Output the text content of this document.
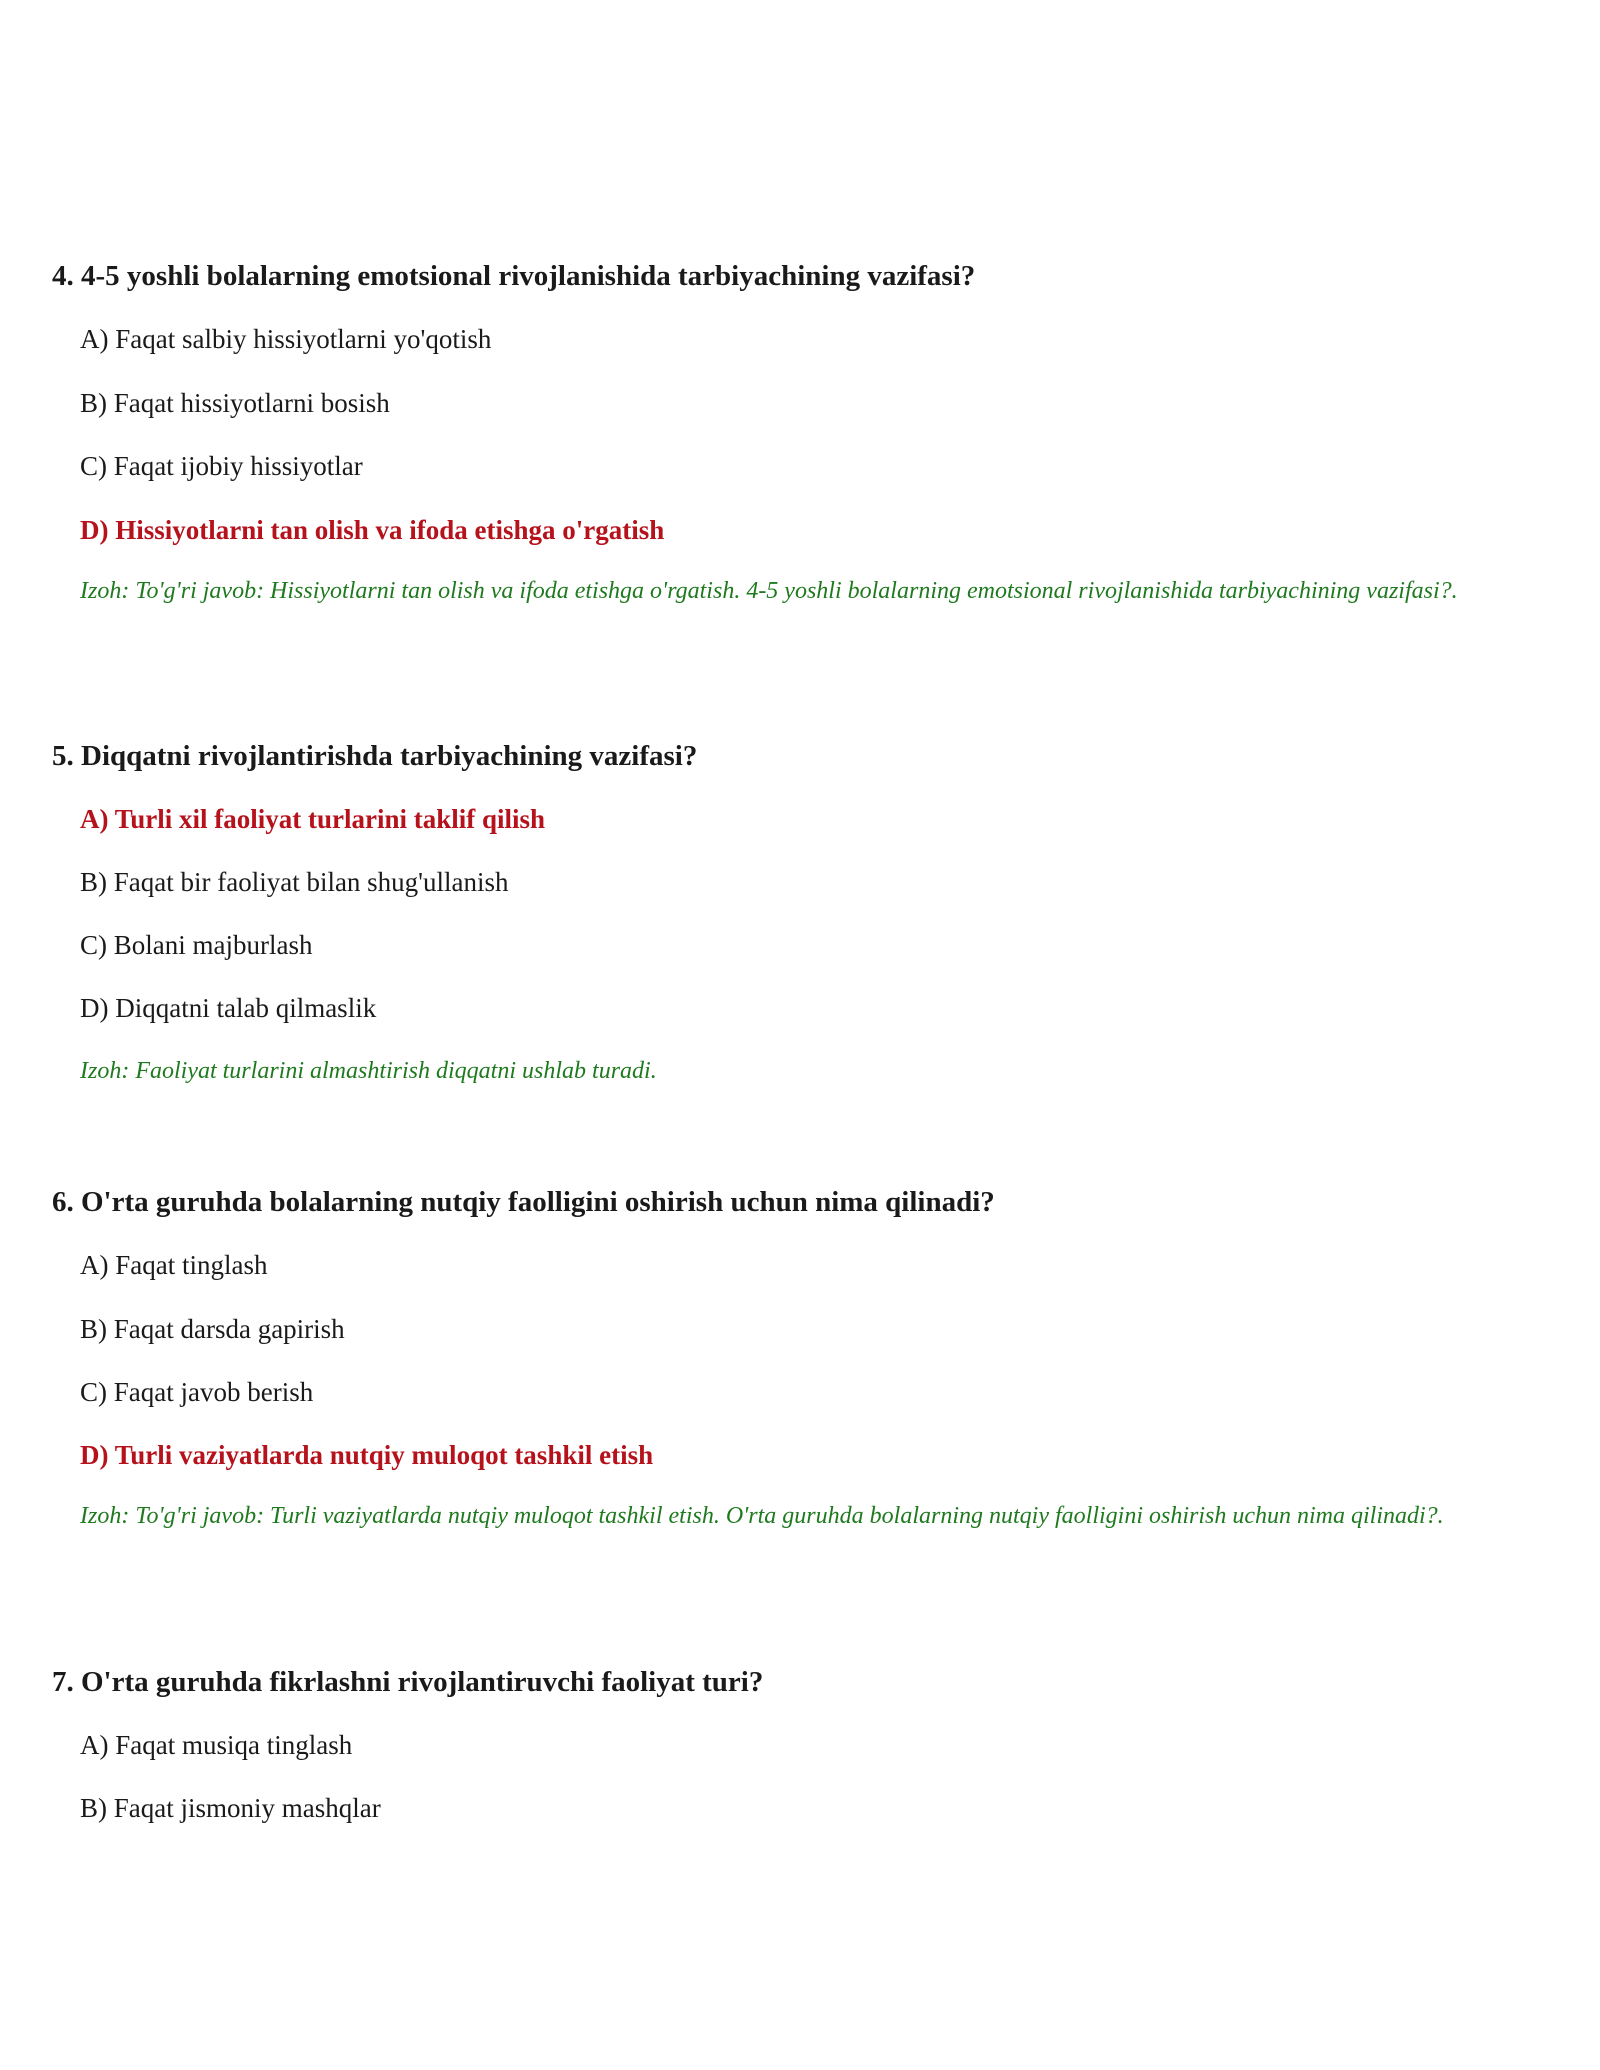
4. 4-5 yoshli bolalarning emotsional rivojlanishida tarbiyachining vazifasi?

A) Faqat salbiy hissiyotlarni yo'qotish

B) Faqat hissiyotlarni bosish

C) Faqat ijobiy hissiyotlar

D) Hissiyotlarni tan olish va ifoda etishga o'rgatish

Izoh: To'g'ri javob: Hissiyotlarni tan olish va ifoda etishga o'rgatish. 4-5 yoshli bolalarning emotsional rivojlanishida tarbiyachining vazifasi?.

5. Diqqatni rivojlantirishda tarbiyachining vazifasi?

A) Turli xil faoliyat turlarini taklif qilish

B) Faqat bir faoliyat bilan shug'ullanish

C) Bolani majburlash

D) Diqqatni talab qilmaslik

Izoh: Faoliyat turlarini almashtirish diqqatni ushlab turadi.

6. O'rta guruhda bolalarning nutqiy faolligini oshirish uchun nima qilinadi?

A) Faqat tinglash

B) Faqat darsda gapirish

C) Faqat javob berish

D) Turli vaziyatlarda nutqiy muloqot tashkil etish

Izoh: To'g'ri javob: Turli vaziyatlarda nutqiy muloqot tashkil etish. O'rta guruhda bolalarning nutqiy faolligini oshirish uchun nima qilinadi?.

7. O'rta guruhda fikrlashni rivojlantiruvchi faoliyat turi?

A) Faqat musiqa tinglash

B) Faqat jismoniy mashqlar
